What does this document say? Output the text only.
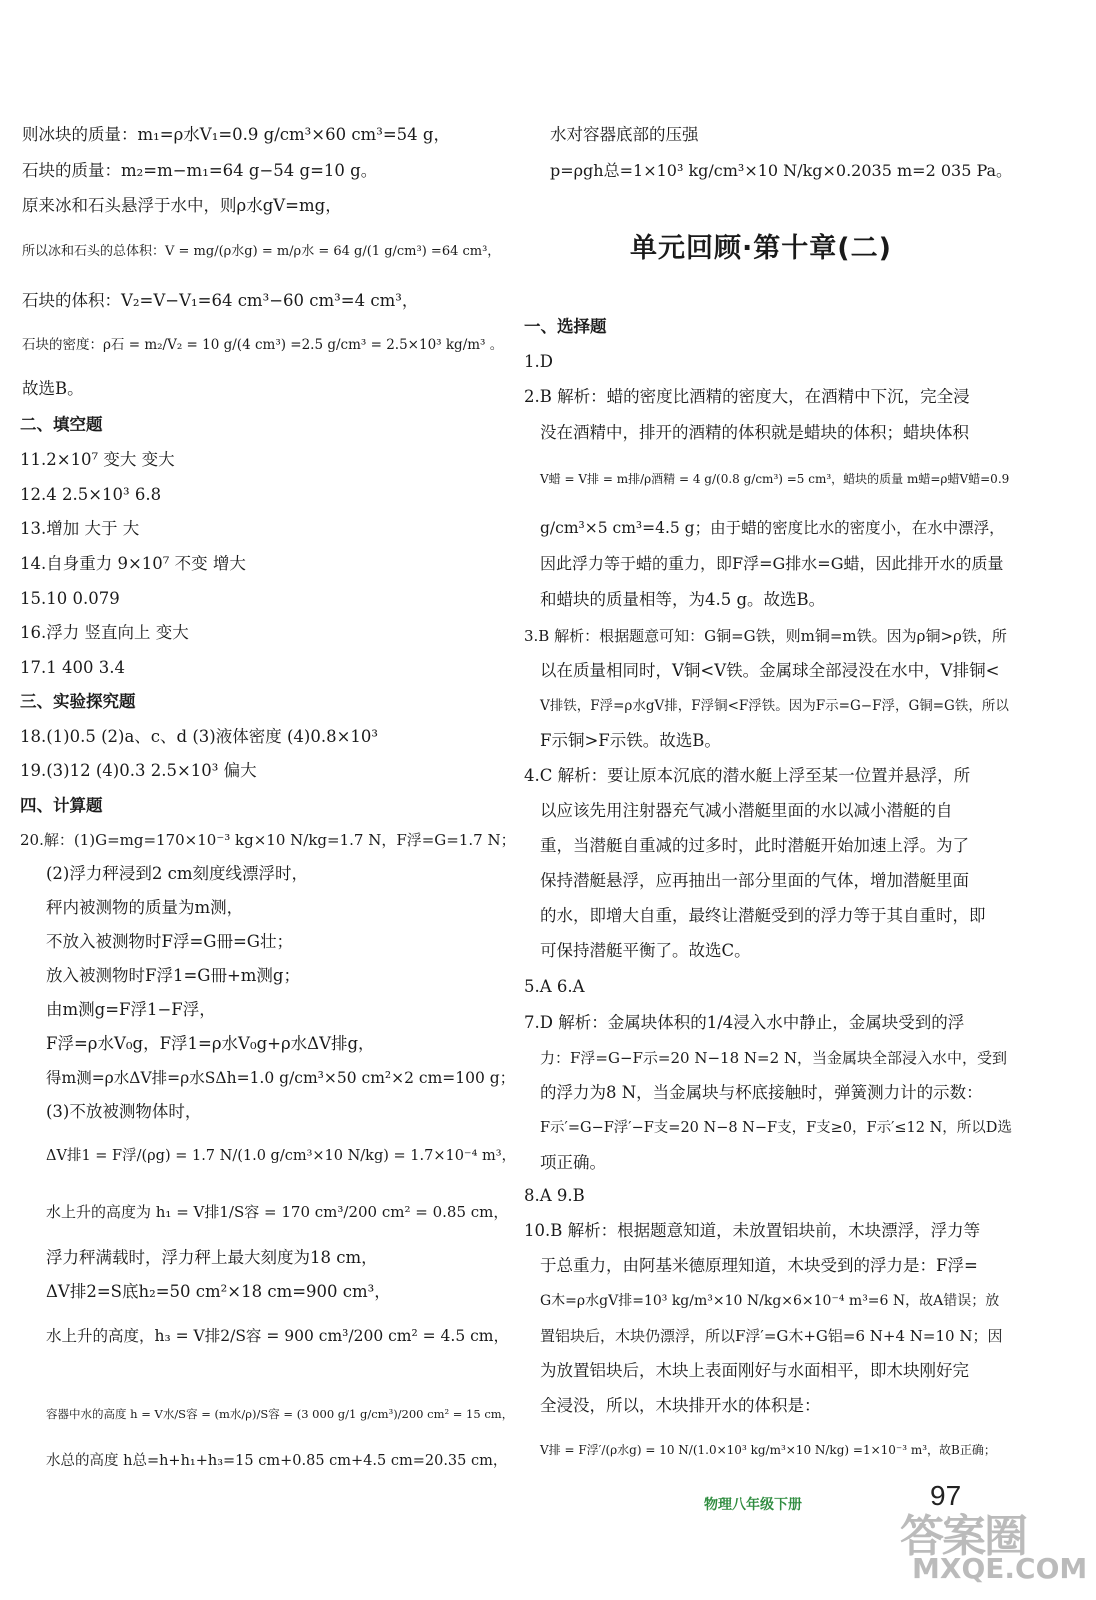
则冰块的质量：m₁=ρ水V₁=0.9 g/cm³×60 cm³=54 g，
石块的质量：m₂=m−m₁=64 g−54 g=10 g。
原来冰和石头悬浮于水中，则ρ水gV=mg，
所以冰和石头的总体积：V = mg/(ρ水g) = m/ρ水 = 64 g/(1 g/cm³) =64 cm³，
石块的体积：V₂=V−V₁=64 cm³−60 cm³=4 cm³，
石块的密度：ρ石 = m₂/V₂ = 10 g/(4 cm³) =2.5 g/cm³ = 2.5×10³ kg/m³ 。
故选B。
二、填空题
11.2×10⁷ 变大 变大
12.4 2.5×10³ 6.8
13.增加 大于 大
14.自身重力 9×10⁷ 不变 增大
15.10 0.079
16.浮力 竖直向上 变大
17.1 400 3.4
三、实验探究题
18.(1)0.5 (2)a、c、d (3)液体密度 (4)0.8×10³
19.(3)12 (4)0.3 2.5×10³ 偏大
四、计算题
20.解：(1)G=mg=170×10⁻³ kg×10 N/kg=1.7 N，F浮=G=1.7 N；
(2)浮力秤浸到2 cm刻度线漂浮时，
秤内被测物的质量为m测，
不放入被测物时F浮=G冊=G壮；
放入被测物时F浮1=G冊+m测g；
由m测g=F浮1−F浮，
F浮=ρ水V₀g，F浮1=ρ水V₀g+ρ水ΔV排g，
得m测=ρ水ΔV排=ρ水SΔh=1.0 g/cm³×50 cm²×2 cm=100 g；
(3)不放被测物体时，
ΔV排1 = F浮/(ρg) = 1.7 N/(1.0 g/cm³×10 N/kg) = 1.7×10⁻⁴ m³，
水上升的高度为 h₁ = V排1/S容 = 170 cm³/200 cm² = 0.85 cm，
浮力秤满载时，浮力秤上最大刻度为18 cm，
ΔV排2=S底h₂=50 cm²×18 cm=900 cm³，
水上升的高度，h₃ = V排2/S容 = 900 cm³/200 cm² = 4.5 cm，
容器中水的高度 h = V水/S容 = (m水/ρ)/S容 = (3 000 g/1 g/cm³)/200 cm² = 15 cm，
水总的高度 h总=h+h₁+h₃=15 cm+0.85 cm+4.5 cm=20.35 cm，
水对容器底部的压强
p=ρgh总=1×10³ kg/cm³×10 N/kg×0.2035 m=2 035 Pa。
一、选择题
1.D
2.B 解析：蜡的密度比酒精的密度大，在酒精中下沉，完全浸
没在酒精中，排开的酒精的体积就是蜡块的体积；蜡块体积
V蜡 = V排 = m排/ρ酒精 = 4 g/(0.8 g/cm³) =5 cm³，蜡块的质量 m蜡=ρ蜡V蜡=0.9
g/cm³×5 cm³=4.5 g；由于蜡的密度比水的密度小，在水中漂浮，
因此浮力等于蜡的重力，即F浮=G排水=G蜡，因此排开水的质量
和蜡块的质量相等，为4.5 g。故选B。
3.B 解析：根据题意可知：G铜=G铁，则m铜=m铁。因为ρ铜>ρ铁，所
以在质量相同时，V铜<V铁。金属球全部浸没在水中，V排铜<
V排铁，F浮=ρ水gV排，F浮铜<F浮铁。因为F示=G−F浮，G铜=G铁，所以
F示铜>F示铁。故选B。
4.C 解析：要让原本沉底的潜水艇上浮至某一位置并悬浮，所
以应该先用注射器充气减小潜艇里面的水以减小潜艇的自
重，当潜艇自重减的过多时，此时潜艇开始加速上浮。为了
保持潜艇悬浮，应再抽出一部分里面的气体，增加潜艇里面
的水，即增大自重，最终让潜艇受到的浮力等于其自重时，即
可保持潜艇平衡了。故选C。
5.A 6.A
7.D 解析：金属块体积的1/4浸入水中静止，金属块受到的浮
力：F浮=G−F示=20 N−18 N=2 N，当金属块全部浸入水中，受到
的浮力为8 N，当金属块与杯底接触时，弹簧测力计的示数：
F示′=G−F浮′−F支=20 N−8 N−F支，F支≥0，F示′≤12 N，所以D选
项正确。
8.A 9.B
10.B 解析：根据题意知道，未放置铝块前，木块漂浮，浮力等
于总重力，由阿基米德原理知道，木块受到的浮力是：F浮=
G木=ρ水gV排=10³ kg/m³×10 N/kg×6×10⁻⁴ m³=6 N，故A错误；放
置铝块后，木块仍漂浮，所以F浮′=G木+G铝=6 N+4 N=10 N；因
为放置铝块后，木块上表面刚好与水面相平，即木块刚好完
全浸没，所以，木块排开水的体积是：
V排 = F浮′/(ρ水g) = 10 N/(1.0×10³ kg/m³×10 N/kg) =1×10⁻³ m³，故B正确；
单元回顾·第十章(二)
物理八年级下册	97
答案圈
MXQE.COM
